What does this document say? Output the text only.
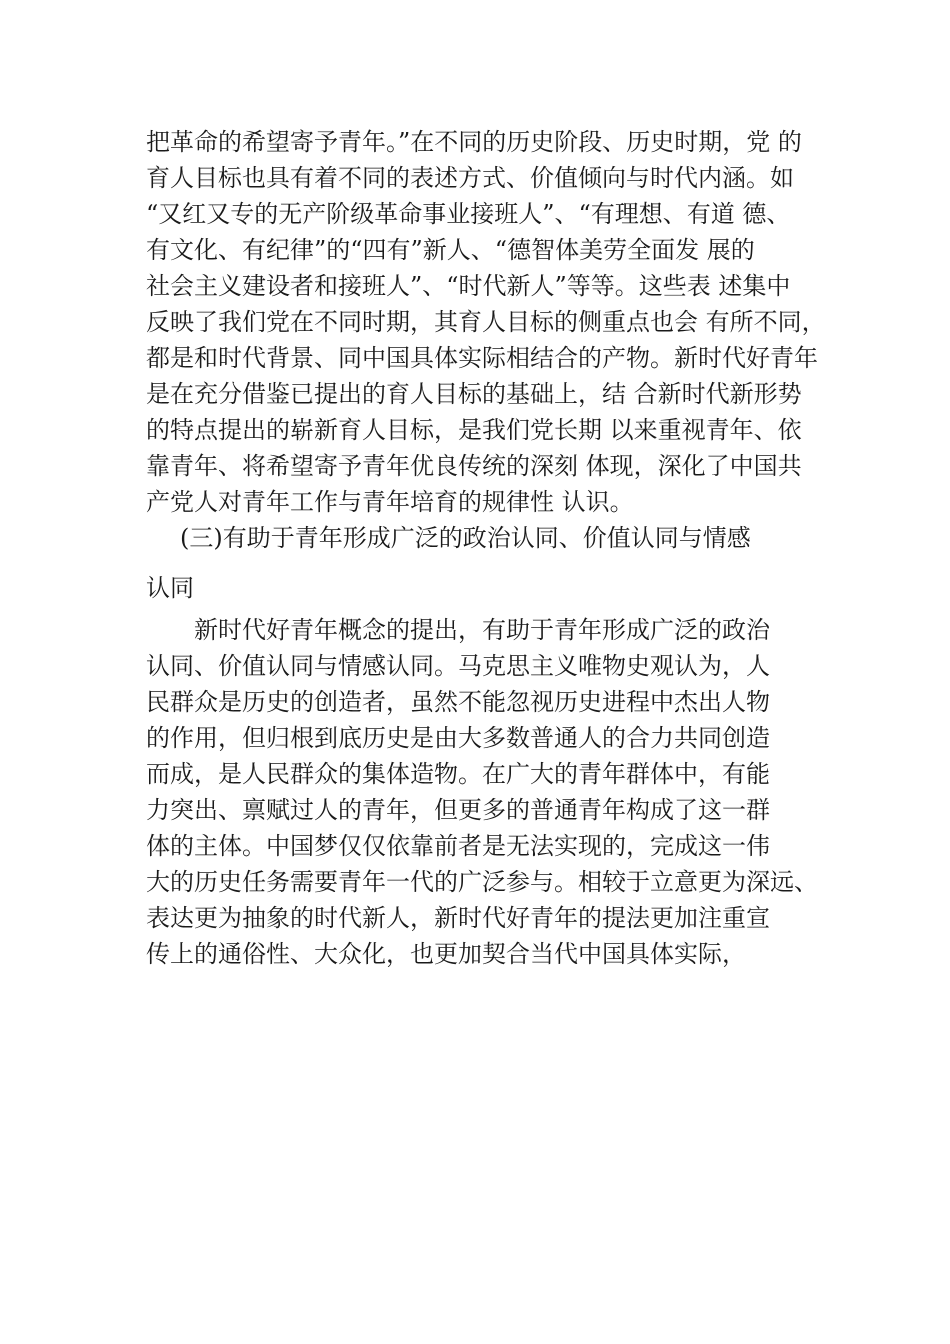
把革命的希望寄予青年。”在不同的历史阶段、历史时期，党 的
育人目标也具有着不同的表述方式、价值倾向与时代内涵。如
“又红又专的无产阶级革命事业接班人”、“有理想、有道 德、
有文化、有纪律”的“四有”新人、“德智体美劳全面发 展的
社会主义建设者和接班人”、“时代新人”等等。这些表 述集中
反映了我们党在不同时期，其育人目标的侧重点也会 有所不同，
都是和时代背景、同中国具体实际相结合的产物。新时代好青年
是在充分借鉴已提出的育人目标的基础上，结 合新时代新形势
的特点提出的崭新育人目标，是我们党长期 以来重视青年、依
靠青年、将希望寄予青年优良传统的深刻 体现，深化了中国共
产党人对青年工作与青年培育的规律性 认识。
(三)有助于青年形成广泛的政治认同、价值认同与情感
认同
新时代好青年概念的提出，有助于青年形成广泛的政治
认同、价值认同与情感认同。马克思主义唯物史观认为，人
民群众是历史的创造者，虽然不能忽视历史进程中杰出人物
的作用，但归根到底历史是由大多数普通人的合力共同创造
而成，是人民群众的集体造物。在广大的青年群体中，有能
力突出、禀赋过人的青年，但更多的普通青年构成了这一群
体的主体。中国梦仅仅依靠前者是无法实现的，完成这一伟
大的历史任务需要青年一代的广泛参与。相较于立意更为深远、
表达更为抽象的时代新人，新时代好青年的提法更加注重宣
传上的通俗性、大众化，也更加契合当代中国具体实际，
